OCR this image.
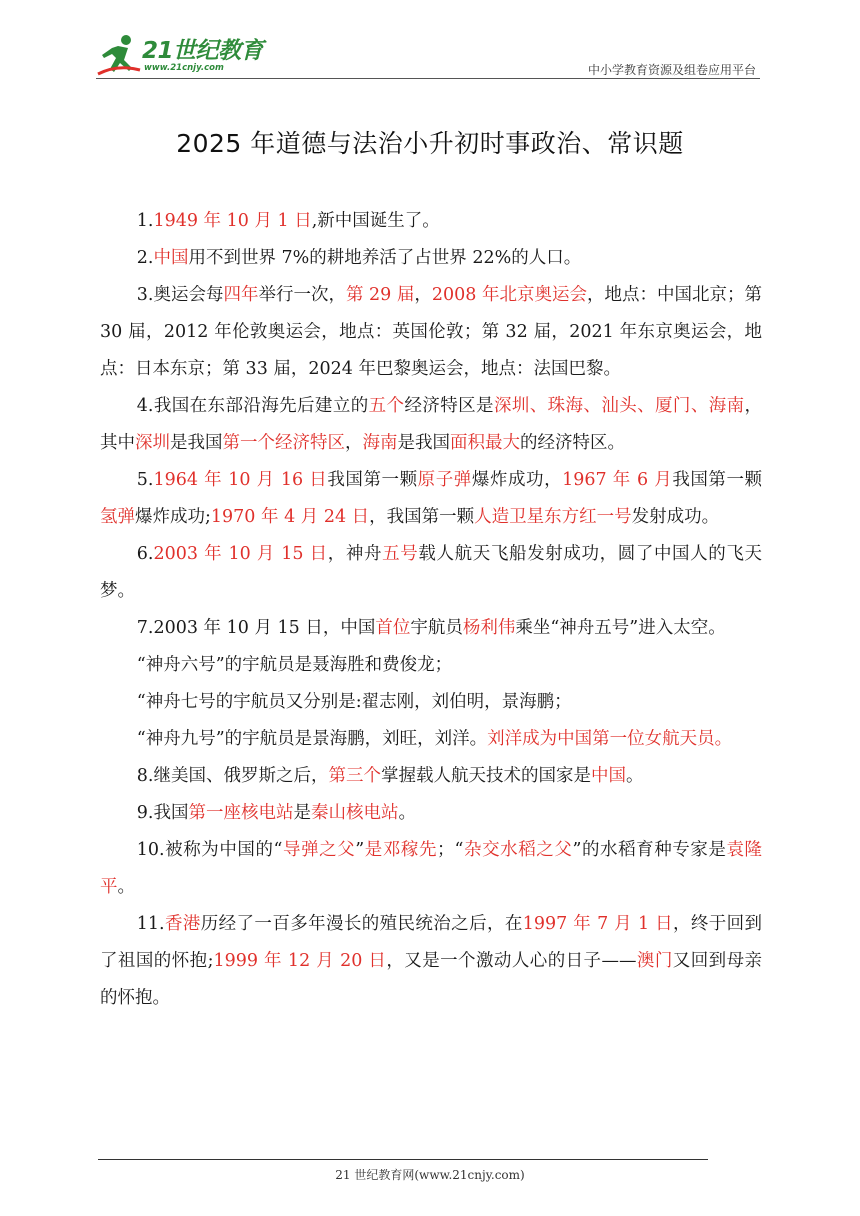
21世纪教育
www.21cnjy.com	中小学教育资源及组卷应用平台
2025 年道德与法治小升初时事政治、常识题

1.1949 年 10 月 1 日,新中国诞生了。

2.中国用不到世界 7%的耕地养活了占世界 22%的人口。

3.奥运会每四年举行一次，第 29 届，2008 年北京奥运会，地点：中国北京；第 30 届，2012 年伦敦奥运会，地点：英国伦敦；第 32 届，2021 年东京奥运会，地点：日本东京；第 33 届，2024 年巴黎奥运会，地点：法国巴黎。

4.我国在东部沿海先后建立的五个经济特区是深圳、珠海、汕头、厦门、海南，其中深圳是我国第一个经济特区，海南是我国面积最大的经济特区。

5.1964 年 10 月 16 日我国第一颗原子弹爆炸成功，1967 年 6 月我国第一颗氢弹爆炸成功;1970 年 4 月 24 日，我国第一颗人造卫星东方红一号发射成功。

6.2003 年 10 月 15 日，神舟五号载人航天飞船发射成功，圆了中国人的飞天梦。

7.2003 年 10 月 15 日，中国首位宇航员杨利伟乘坐“神舟五号”进入太空。

“神舟六号”的宇航员是聂海胜和费俊龙；

“神舟七号的宇航员又分别是:翟志刚，刘伯明，景海鹏；

“神舟九号”的宇航员是景海鹏，刘旺，刘洋。刘洋成为中国第一位女航天员。

8.继美国、俄罗斯之后，第三个掌握载人航天技术的国家是中国。

9.我国第一座核电站是秦山核电站。

10.被称为中国的“导弹之父”是邓稼先；“杂交水稻之父”的水稻育种专家是袁隆平。

11.香港历经了一百多年漫长的殖民统治之后，在1997 年 7 月 1 日，终于回到了祖国的怀抱;1999 年 12 月 20 日，又是一个激动人心的日子——澳门又回到母亲的怀抱。

21 世纪教育网(www.21cnjy.com)
